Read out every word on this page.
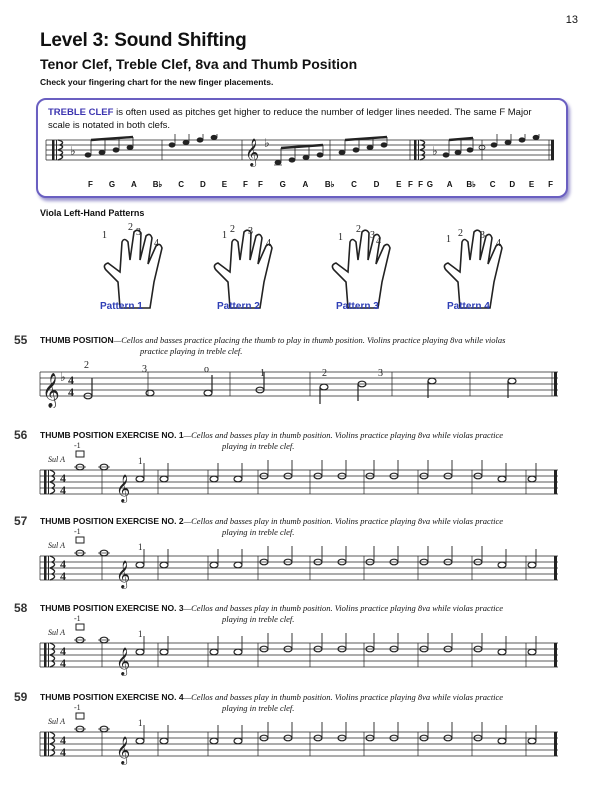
13
Level 3: Sound Shifting
Tenor Clef, Treble Clef, 8va and Thumb Position
Check your fingering chart for the new finger placements.
TREBLE CLEF is often used as pitches get higher to reduce the number of ledger lines needed. The same F Major scale is notated in both clefs.
♭	𝄞 ♭
♭
F G A B♭ C D E F F G A B♭ C D E F
F G A B♭ C D E F
Viola Left-Hand Patterns
1
2 3
4
1
2 3
4
1
2
3
4	1
2 3
4
Pattern 1	Pattern 2	Pattern 3	Pattern 4
55 THUMB POSITION—Cellos and basses practice placing the thumb to play in thumb position. Violins practice playing 8va while violas
practice playing in treble clef.
𝄞 ♭ 4
4
2	3	o	1	2	3
56 THUMB POSITION EXERCISE NO. 1—Cellos and basses play in thumb position. Violins practice playing 8va while violas practice
playing in treble clef.
57 THUMB POSITION EXERCISE NO. 2—Cellos and basses play in thumb position. Violins practice playing 8va while violas practice
playing in treble clef.
58 THUMB POSITION EXERCISE NO. 3—Cellos and basses play in thumb position. Violins practice playing 8va while violas practice
playing in treble clef.
59 THUMB POSITION EXERCISE NO. 4—Cellos and basses play in thumb position. Violins practice playing 8va while violas practice
playing in treble clef.
4
4
Sul A
-1
𝄞
1
4
4
Sul A
-1
𝄞
1
4
4
Sul A
-1
𝄞
1
4
4
Sul A
-1
𝄞
1
